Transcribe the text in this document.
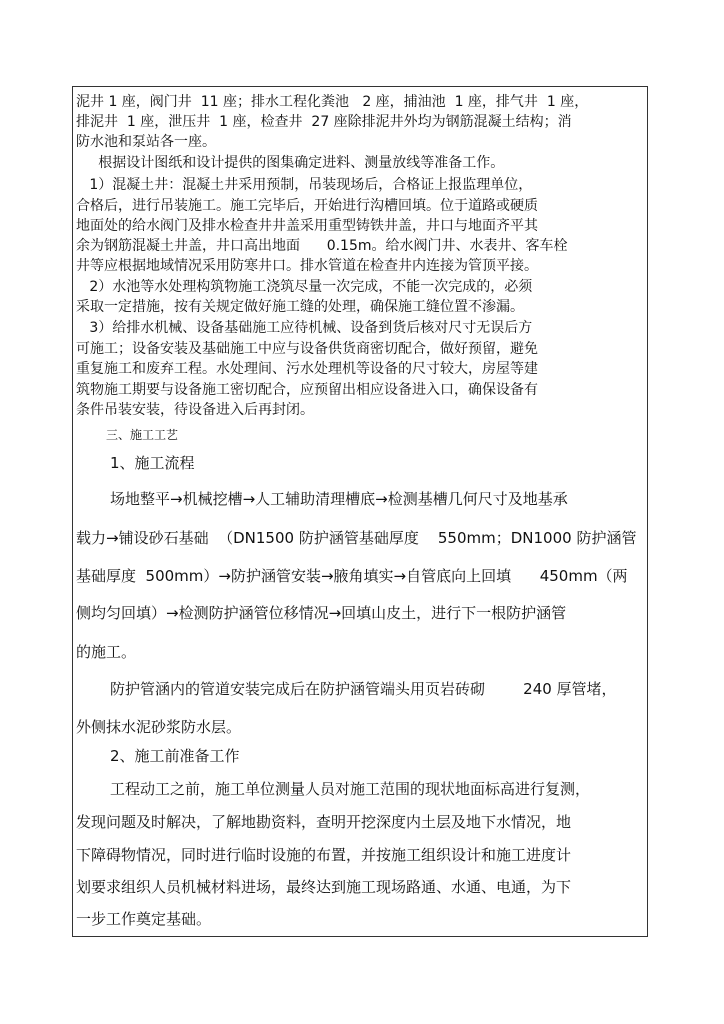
泥井 1 座，阀门井  11 座；排水工程化粪池   2 座，捕油池  1 座，排气井  1 座，
排泥井  1 座，泄压井  1 座，检查井  27 座除排泥井外均为钢筋混凝土结构；消
防水池和泵站各一座。
根据设计图纸和设计提供的图集确定进料、测量放线等准备工作。
1）混凝土井：混凝土井采用预制，吊装现场后，合格证上报监理单位，
合格后，进行吊装施工。施工完毕后，开始进行沟槽回填。位于道路或硬质
地面处的给水阀门及排水检查井井盖采用重型铸铁井盖，井口与地面齐平其
余为钢筋混凝土井盖，井口高出地面      0.15m。给水阀门井、水表井、客车栓
井等应根据地域情况采用防寒井口。排水管道在检查井内连接为管顶平接。
2）水池等水处理构筑物施工浇筑尽量一次完成，不能一次完成的，必须
采取一定措施，按有关规定做好施工缝的处理，确保施工缝位置不渗漏。
3）给排水机械、设备基础施工应待机械、设备到货后核对尺寸无误后方
可施工；设备安装及基础施工中应与设备供货商密切配合，做好预留，避免
重复施工和废弃工程。水处理间、污水处理机等设备的尺寸较大，房屋等建
筑物施工期要与设备施工密切配合，应预留出相应设备进入口，确保设备有
条件吊装安装，待设备进入后再封闭。
三、施工工艺
1、施工流程
场地整平→机械挖槽→人工辅助清理槽底→检测基槽几何尺寸及地基承
载力→铺设砂石基础  （DN1500 防护涵管基础厚度    550mm；DN1000 防护涵管
基础厚度  500mm）→防护涵管安装→腋角填实→自管底向上回填      450mm（两
侧均匀回填）→检测防护涵管位移情况→回填山皮土，进行下一根防护涵管
的施工。
防护管涵内的管道安装完成后在防护涵管端头用页岩砖砌        240 厚管堵，
外侧抹水泥砂浆防水层。
2、施工前准备工作
工程动工之前，施工单位测量人员对施工范围的现状地面标高进行复测，
发现问题及时解决，了解地勘资料，查明开挖深度内土层及地下水情况，地
下障碍物情况，同时进行临时设施的布置，并按施工组织设计和施工进度计
划要求组织人员机械材料进场，最终达到施工现场路通、水通、电通，为下
一步工作奠定基础。
